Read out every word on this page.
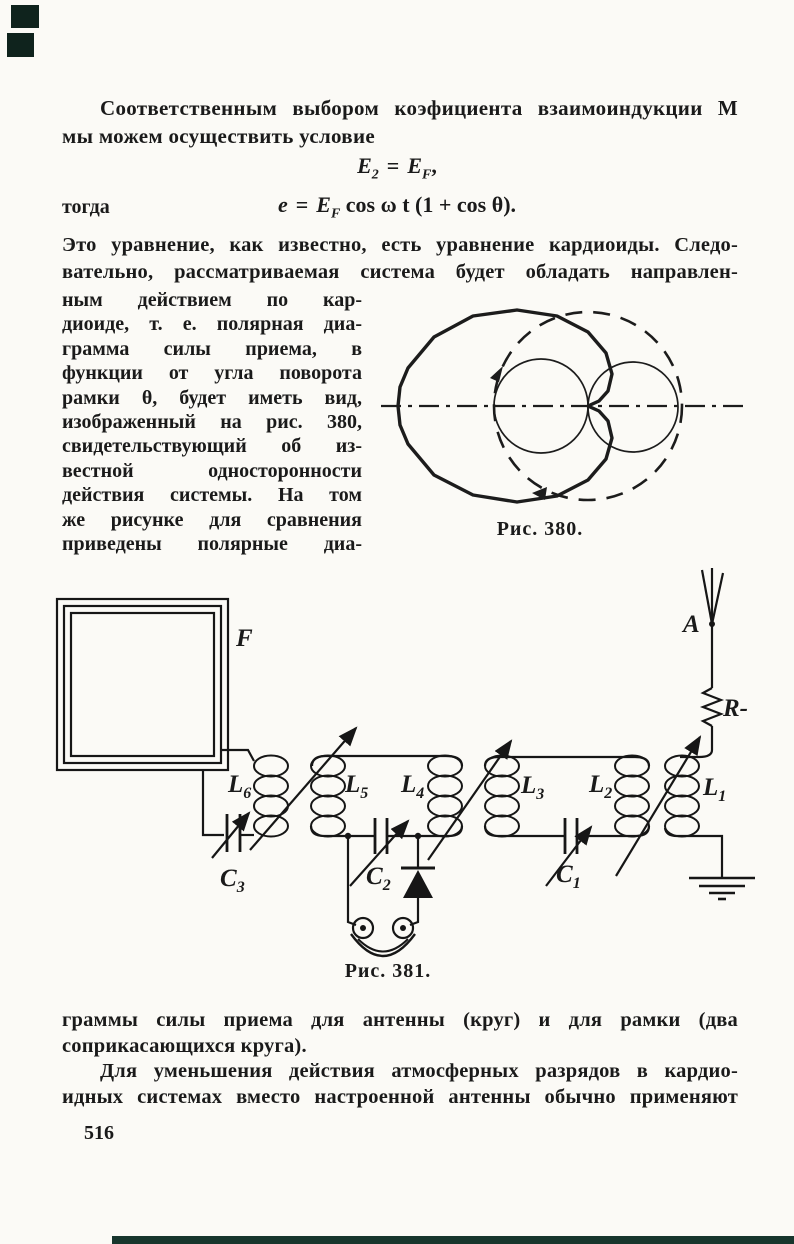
Соответственным выбором коэфициента взаимоиндукции М
мы можем осуществить условие
$E_2 = E_F$,
тогда	$e = E_F$ cos ω t (1 + cos θ).
Это уравнение, как известно, есть уравнение кардиоиды. Следо-
вательно, рассматриваемая система будет обладать направлен-
ным действием по кар-
диоиде, т. е. полярная диа-
грамма силы приема, в
функции от угла поворота
рамки θ, будет иметь вид,
изображенный на рис. 380,
свидетельствующий об из-
вестной односторонности
действия системы. На том
же рисунке для сравнения
приведены полярные диа-
Рис. 380.
F
$L_6$
$C_3$
$L_5$ $L_4$
$C_2$
$L_3$ $L_2$
$C_1$
$L_1$
A
R-
Рис. 381.
граммы силы приема для антенны (круг) и для рамки (два
соприкасающихся круга).
Для уменьшения действия атмосферных разрядов в кардио-
идных системах вместо настроенной антенны обычно применяют
516
